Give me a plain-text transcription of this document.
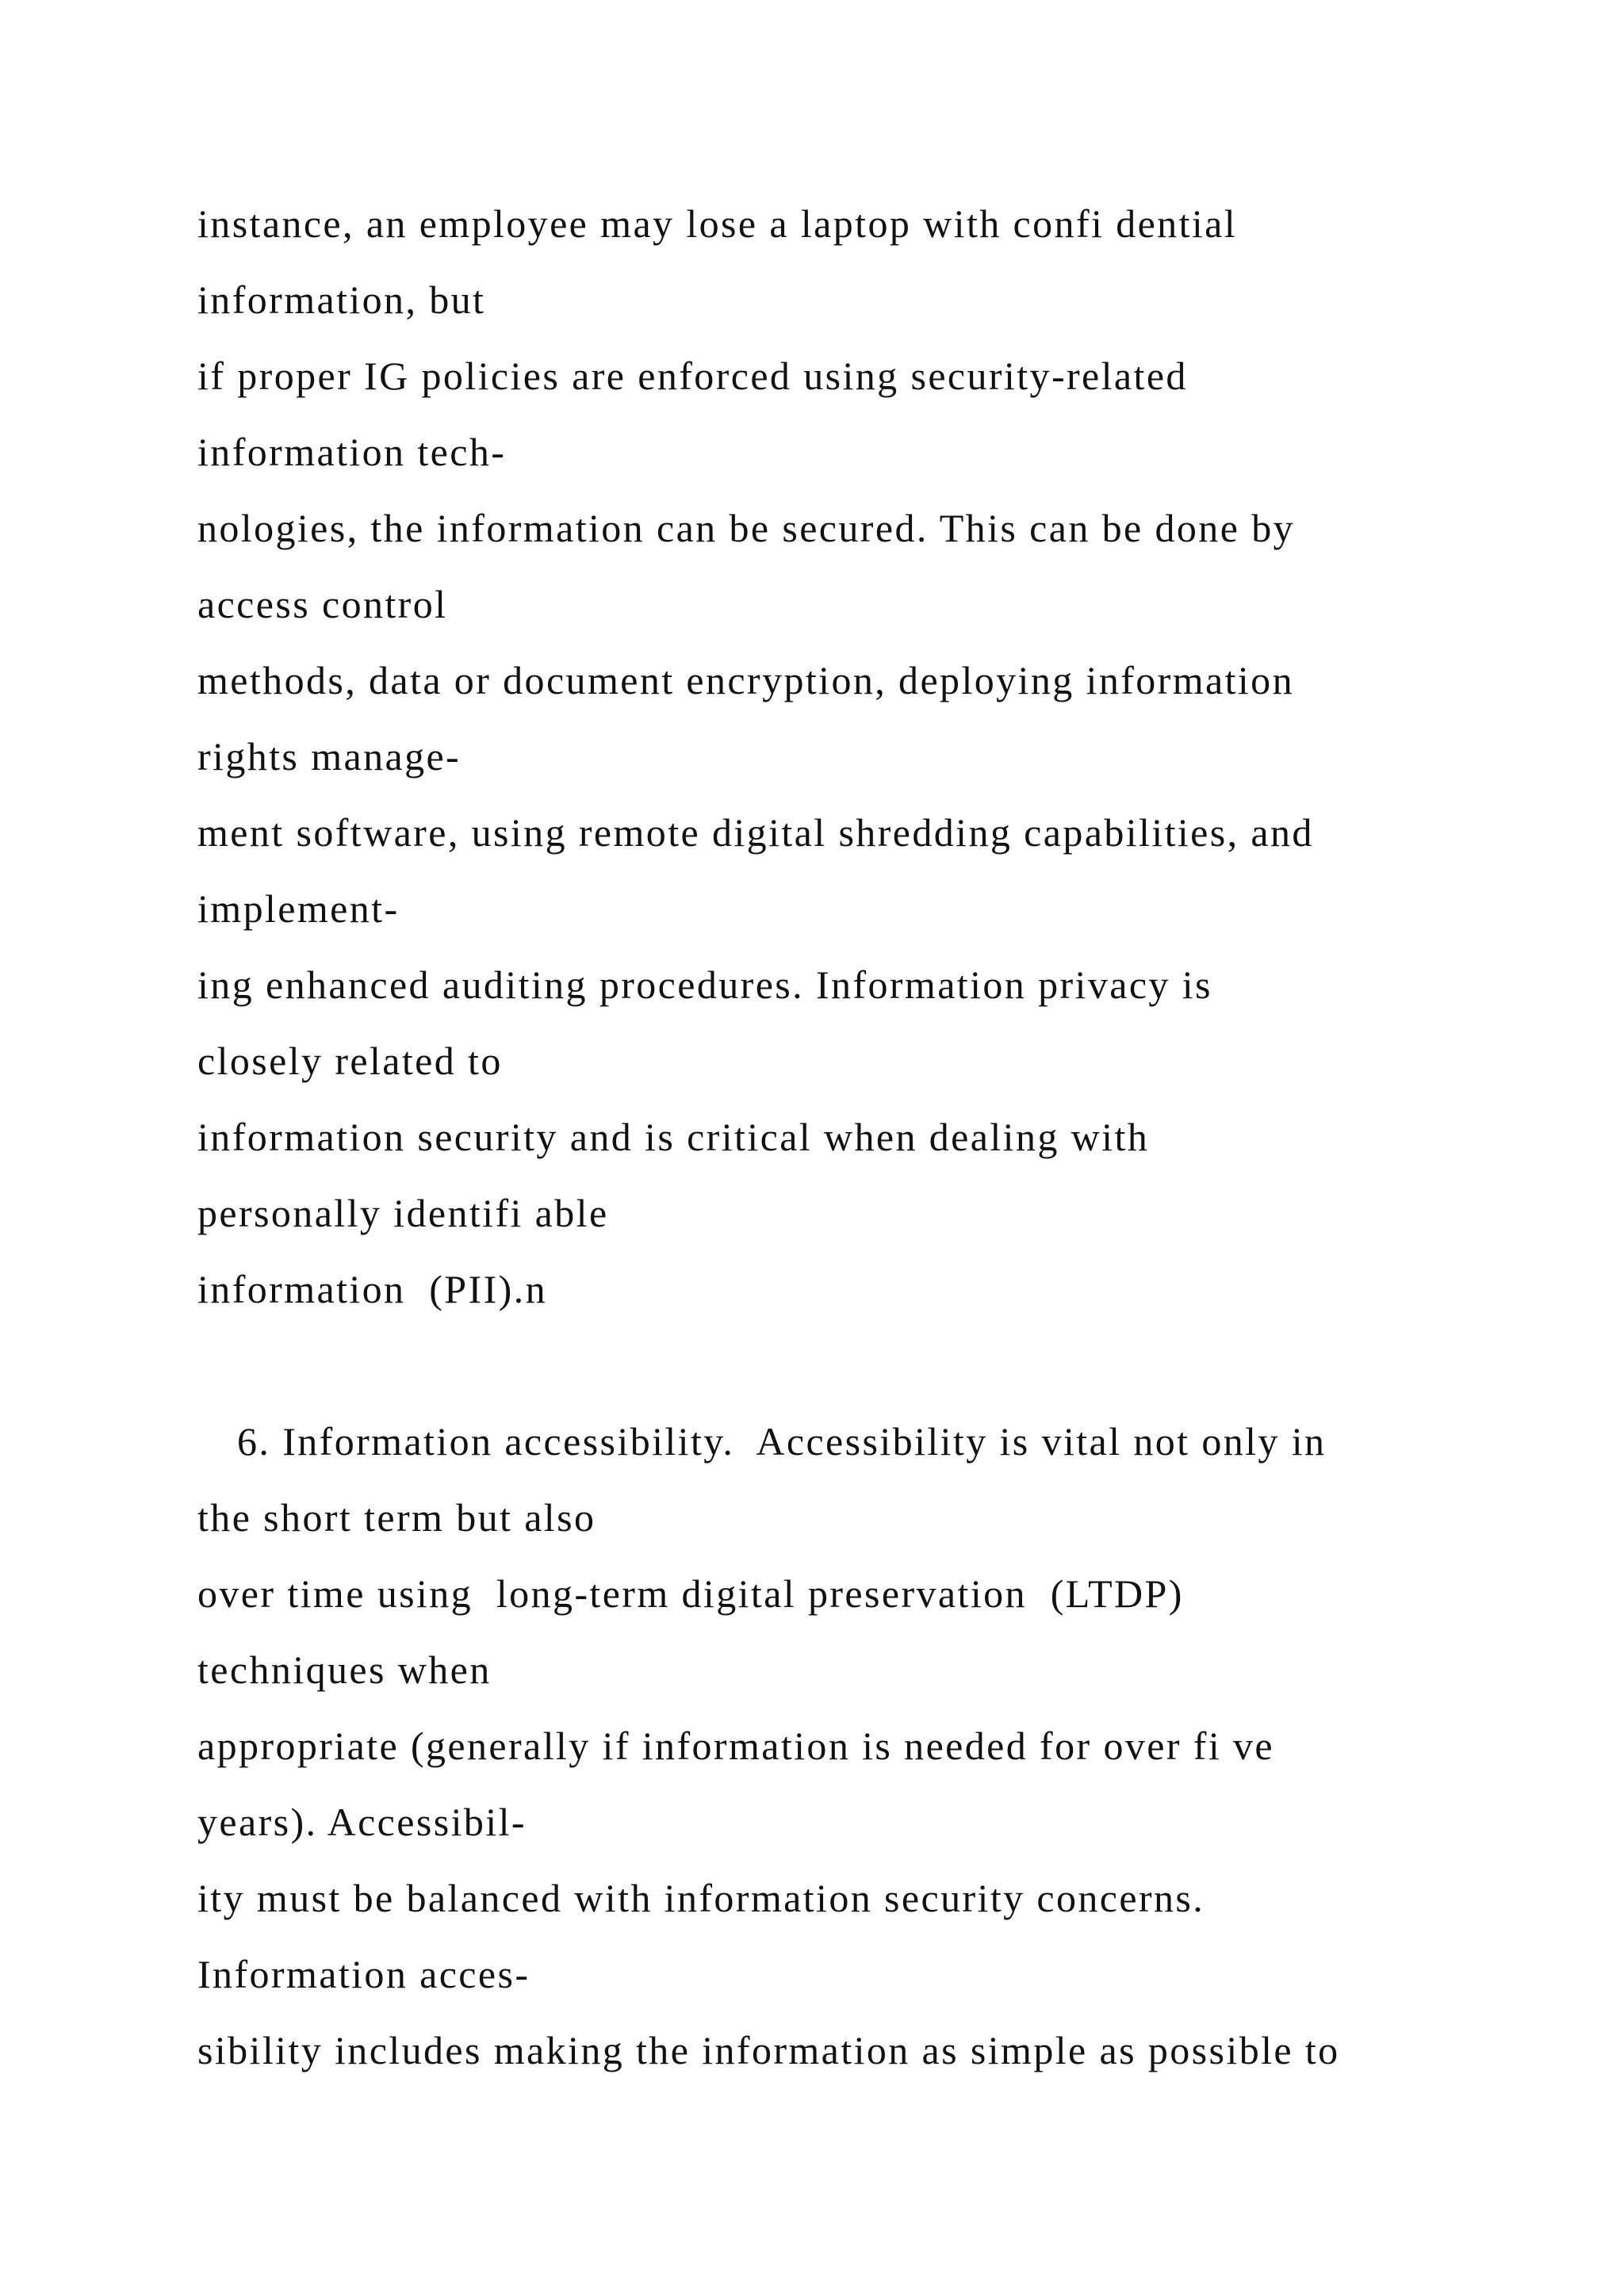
instance, an employee may lose a laptop with confi dential
information, but
if proper IG policies are enforced using security-related
information tech-
nologies, the information can be secured. This can be done by
access control
methods, data or document encryption, deploying information
rights manage-
ment software, using remote digital shredding capabilities, and
implement-
ing enhanced auditing procedures. Information privacy is
closely related to
information security and is critical when dealing with
personally identifi able
information  (PII).n
6. Information accessibility.  Accessibility is vital not only in
the short term but also
over time using  long-term digital preservation  (LTDP)
techniques when
appropriate (generally if information is needed for over fi ve
years). Accessibil-
ity must be balanced with information security concerns.
Information acces-
sibility includes making the information as simple as possible to
